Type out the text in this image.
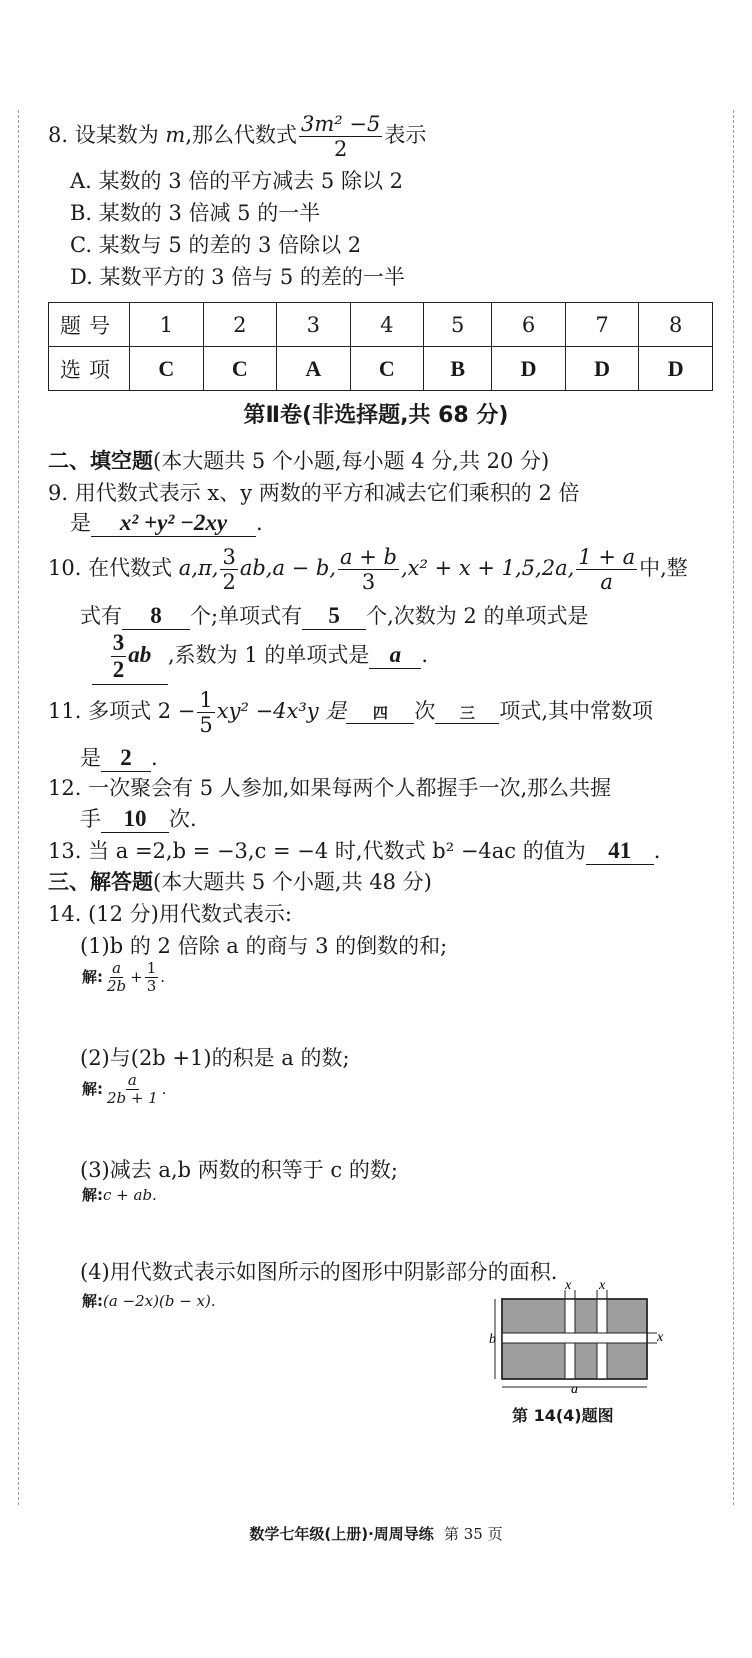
8. 设某数为 m,那么代数式 $\frac{\text{3m² −5}}{2}$ 表示
A. 某数的 3 倍的平方减去 5 除以 2
B. 某数的 3 倍减 5 的一半
C. 某数与 5 的差的 3 倍除以 2
D. 某数平方的 3 倍与 5 的差的一半
题号	1	2	3	4	5	6	7	8
选项	C	C	A	C	B	D	D	D
第Ⅱ卷(非选择题,共 68 分)
二、填空题(本大题共 5 个小题,每小题 4 分,共 20 分)
9. 用代数式表示 x、y 两数的平方和减去它们乘积的 2 倍
是 x² +y² −2xy .
10. 在代数式 a,π, $\frac{3}{2} ab,a - b$, $\frac{a + b}{3} ,x^2 + x + 1,5,2a$, $\frac{1 + a}{a}$ 中,整
式有 8 个;单项式有 5 个,次数为 2 的单项式是
$\frac{3}{2}$ ab ,系数为 1 的单项式是 a .
11. 多项式 $2 - \frac{1}{5} xy^2 -4x^3y$ 是 四 次 三 项式,其中常数项
是 2 .
12. 一次聚会有 5 人参加,如果每两个人都握手一次,那么共握
手 10 次.
13. 当 a =2,b = −3,c = −4 时,代数式 b² −4ac 的值为 41 .
三、解答题(本大题共 5 个小题,共 48 分)
14. (12 分)用代数式表示:
(1)b 的 2 倍除 a 的商与 3 的倒数的和;
解: $\frac{a}{2b} + \frac{1}{3}$ .
(2)与(2b +1)的积是 a 的数;
解: $\frac{a}{2b + 1}$ .
(3)减去 a,b 两数的积等于 c 的数;
解:c + ab.
(4)用代数式表示如图所示的图形中阴影部分的面积.
解:(a −2x)(b − x).
x x
x
b
a
第 14(4)题图
数学七年级(上册)·周周导练 第 35 页
